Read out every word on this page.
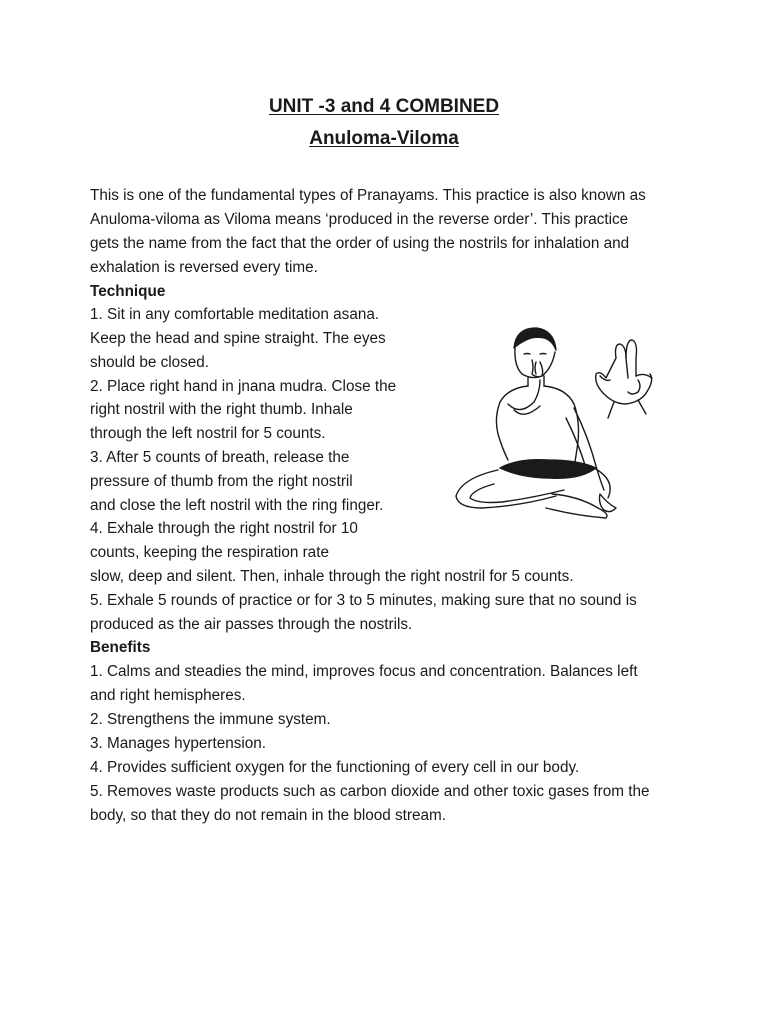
UNIT -3 and 4 COMBINED
Anuloma-Viloma
This is one of the fundamental types of Pranayams. This practice is also known as
Anuloma-viloma as Viloma means ‘produced in the reverse order’. This practice
gets the name from the fact that the order of using the nostrils for inhalation and
exhalation is reversed every time.
Technique
1. Sit in any comfortable meditation asana.
Keep the head and spine straight. The eyes
should be closed.
2. Place right hand in jnana mudra. Close the
right nostril with the right thumb. Inhale
through the left nostril for 5 counts.
3. After 5 counts of breath, release the
pressure of thumb from the right nostril
and close the left nostril with the ring finger.
4. Exhale through the right nostril for 10
counts, keeping the respiration rate
slow, deep and silent. Then, inhale through the right nostril for 5 counts.
5. Exhale 5 rounds of practice or for 3 to 5 minutes, making sure that no sound is
produced as the air passes through the nostrils.
Benefits
1. Calms and steadies the mind, improves focus and concentration. Balances left
and right hemispheres.
2. Strengthens the immune system.
3. Manages hypertension.
4. Provides sufficient oxygen for the functioning of every cell in our body.
5. Removes waste products such as carbon dioxide and other toxic gases from the
body, so that they do not remain in the blood stream.
